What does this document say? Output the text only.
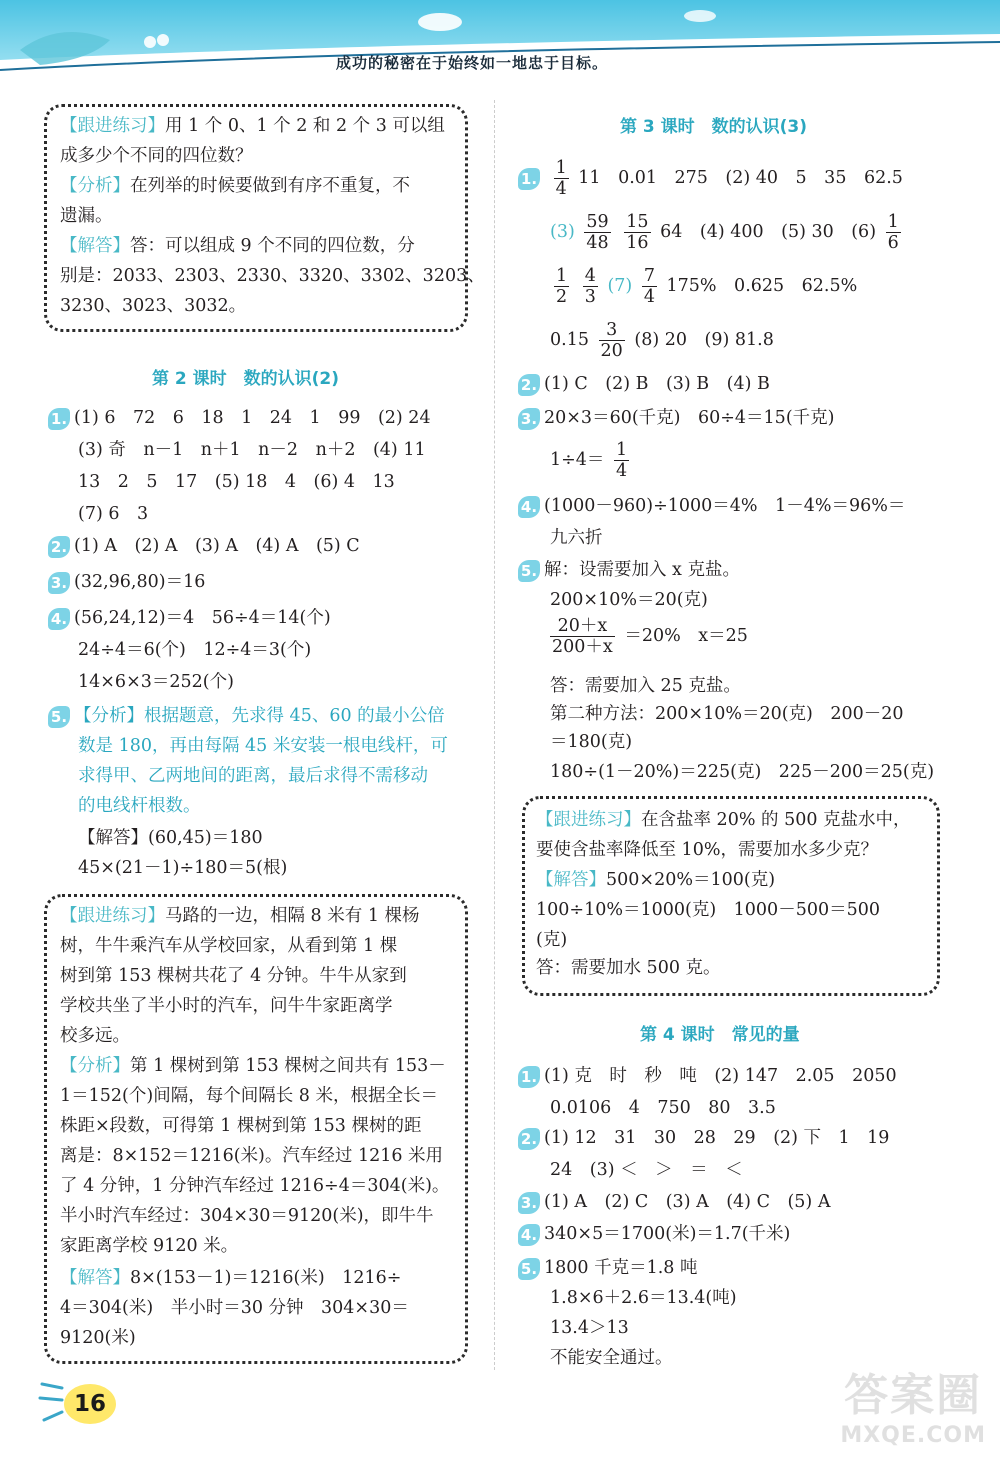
成功的秘密在于始终如一地忠于目标。
【跟进练习】用 1 个 0、1 个 2 和 2 个 3 可以组
成多少个不同的四位数？
【分析】在列举的时候要做到有序不重复，不
遗漏。
【解答】答：可以组成 9 个不同的四位数，分
别是：2033、2303、2330、3320、3302、3203、
3230、3023、3032。
第 2 课时　数的认识(2)
1. (1) 6　72　6　18　1　24　1　99　(2) 24
(3) 奇　n－1　n＋1　n－2　n＋2　(4) 11
13　2　5　17　(5) 18　4　(6) 4　13
(7) 6　3
2. (1) A　(2) A　(3) A　(4) A　(5) C
3. (32,96,80)＝16
4. (56,24,12)＝4　56÷4＝14(个)
24÷4＝6(个)　12÷4＝3(个)
14×6×3＝252(个)
5. 【分析】根据题意，先求得 45、60 的最小公倍
数是 180，再由每隔 45 米安装一根电线杆，可
求得甲、乙两地间的距离，最后求得不需移动
的电线杆根数。
【解答】(60,45)＝180
45×(21－1)÷180＝5(根)
【跟进练习】马路的一边，相隔 8 米有 1 棵杨
树，牛牛乘汽车从学校回家，从看到第 1 棵
树到第 153 棵树共花了 4 分钟。牛牛从家到
学校共坐了半小时的汽车，问牛牛家距离学
校多远。
【分析】第 1 棵树到第 153 棵树之间共有 153－
1＝152(个)间隔，每个间隔长 8 米，根据全长＝
株距×段数，可得第 1 棵树到第 153 棵树的距
离是：8×152＝1216(米)。汽车经过 1216 米用
了 4 分钟，1 分钟汽车经过 1216÷4＝304(米)。
半小时汽车经过：304×30＝9120(米)，即牛牛
家距离学校 9120 米。
【解答】8×(153－1)＝1216(米)　1216÷
4＝304(米)　半小时＝30 分钟　304×30＝
9120(米)
16
第 3 课时　数的认识(3)
1. $\frac{1}{4} 11$　0.01　275　(2) 40　5　35　62.5
$(3) \frac{59}{48}$
$\frac{15}{16} 64$　(4) 400　(5) 30　$(6) \frac{1}{6}$
$\frac{1}{2}$
$\frac{4}{3} (7) \frac{7}{4} 175\%$　0.625　62.5%
$0.15 \frac{3}{20} (8)$ 20　(9) 81.8
2. (1) C　(2) B　(3) B　(4) B
3. 20×3＝60(千克)　60÷4＝15(千克)
$1\div 4= \frac{1}{4}$
4. (1000－960)÷1000＝4%　1－4%＝96%＝
九六折
5. 解：设需要加入 x 克盐。
200×10%＝20(克)
$\frac{20+x}{200+x} =20\%$　x＝25
答：需要加入 25 克盐。
第二种方法：200×10%＝20(克)　200－20
＝180(克)
180÷(1－20%)＝225(克)　225－200＝25(克)
【跟进练习】在含盐率 20% 的 500 克盐水中，
要使含盐率降低至 10%，需要加水多少克？
【解答】500×20%＝100(克)
100÷10%＝1000(克)　1000－500＝500
(克)
答：需要加水 500 克。
第 4 课时　常见的量
1. (1) 克　时　秒　吨　(2) 147　2.05　2050
0.0106　4　750　80　3.5
2. (1) 12　31　30　28　29　(2) 下　1　19
24　(3) ＜　＞　＝　＜
3. (1) A　(2) C　(3) A　(4) C　(5) A
4. 340×5＝1700(米)＝1.7(千米)
5. 1800 千克＝1.8 吨
1.8×6＋2.6＝13.4(吨)
13.4＞13
不能安全通过。
答案圈
MXQE.COM
